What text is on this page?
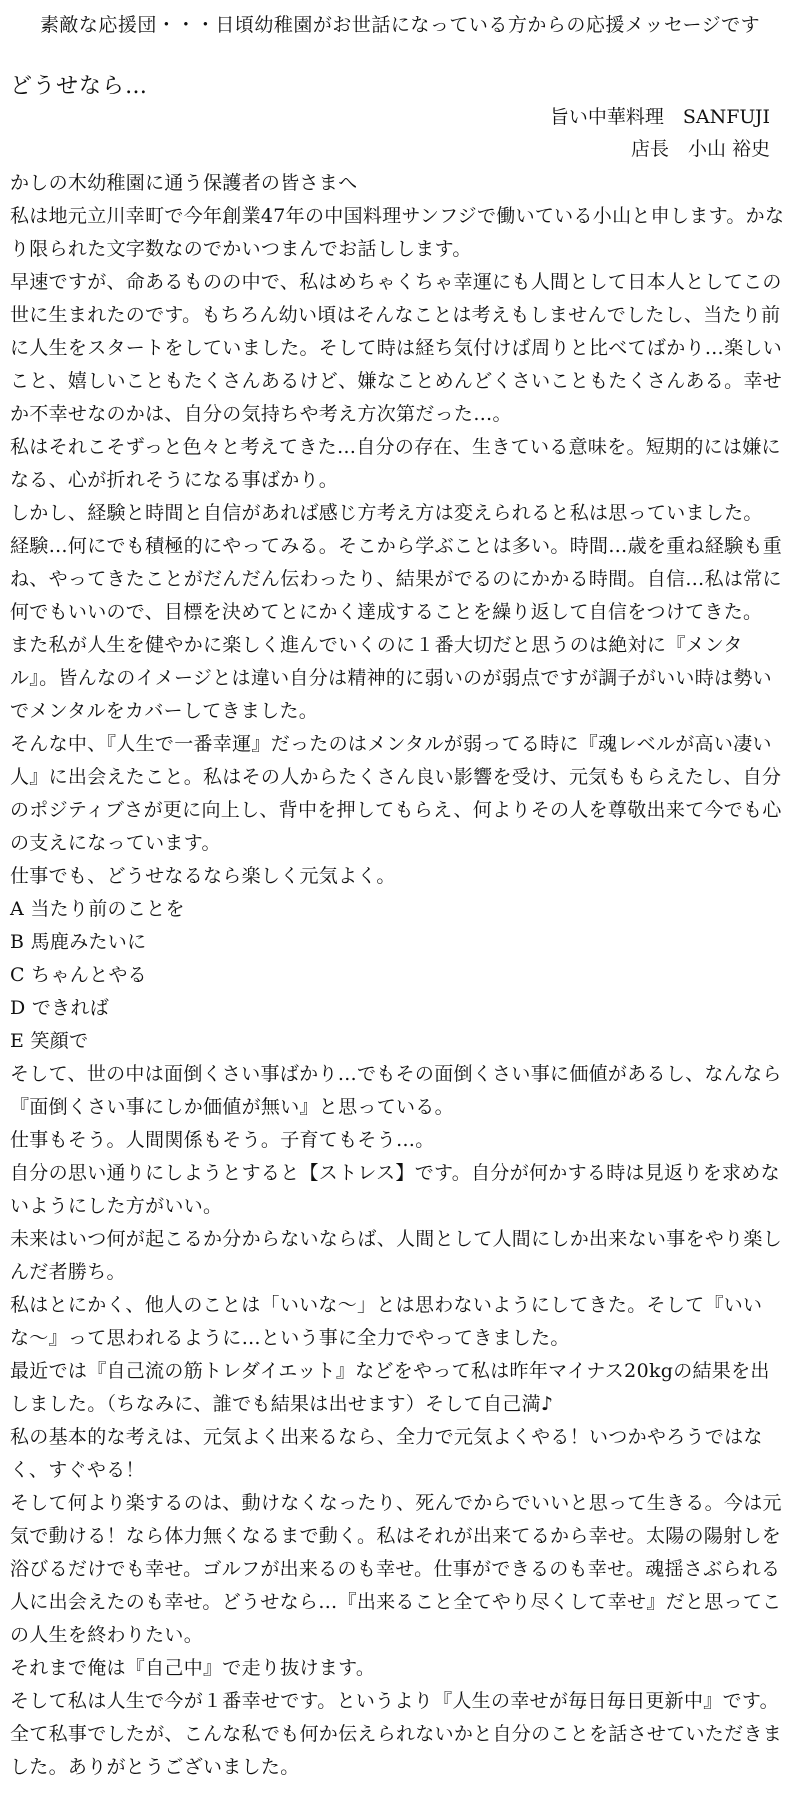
素敵な応援団・・・日頃幼稚園がお世話になっている方からの応援メッセージです
どうせなら…
旨い中華料理　SANFUJI
店長　小山 裕史

かしの木幼稚園に通う保護者の皆さまへ

私は地元立川幸町で今年創業47年の中国料理サンフジで働いている小山と申します。かなり限られた文字数なのでかいつまんでお話しします。

早速ですが、命あるものの中で、私はめちゃくちゃ幸運にも人間として日本人としてこの世に生まれたのです。もちろん幼い頃はそんなことは考えもしませんでしたし、当たり前に人生をスタートをしていました。そして時は経ち気付けば周りと比べてばかり…楽しいこと、嬉しいこともたくさんあるけど、嫌なことめんどくさいこともたくさんある。幸せか不幸せなのかは、自分の気持ちや考え方次第だった…。

私はそれこそずっと色々と考えてきた…自分の存在、生きている意味を。短期的には嫌になる、心が折れそうになる事ばかり。

しかし、経験と時間と自信があれば感じ方考え方は変えられると私は思っていました。

経験…何にでも積極的にやってみる。そこから学ぶことは多い。時間…歳を重ね経験も重ね、やってきたことがだんだん伝わったり、結果がでるのにかかる時間。自信…私は常に何でもいいので、目標を決めてとにかく達成することを繰り返して自信をつけてきた。

また私が人生を健やかに楽しく進んでいくのに１番大切だと思うのは絶対に『メンタル』。皆んなのイメージとは違い自分は精神的に弱いのが弱点ですが調子がいい時は勢いでメンタルをカバーしてきました。

そんな中、『人生で一番幸運』だったのはメンタルが弱ってる時に『魂レベルが高い凄い人』に出会えたこと。私はその人からたくさん良い影響を受け、元気ももらえたし、自分のポジティブさが更に向上し、背中を押してもらえ、何よりその人を尊敬出来て今でも心の支えになっています。

仕事でも、どうせなるなら楽しく元気よく。

A 当たり前のことを

B 馬鹿みたいに

C ちゃんとやる

D できれば

E 笑顔で

そして、世の中は面倒くさい事ばかり…でもその面倒くさい事に価値があるし、なんなら『面倒くさい事にしか価値が無い』と思っている。

仕事もそう。人間関係もそう。子育てもそう…。

自分の思い通りにしようとすると【ストレス】です。自分が何かする時は見返りを求めないようにした方がいい。

未来はいつ何が起こるか分からないならば、人間として人間にしか出来ない事をやり楽しんだ者勝ち。

私はとにかく、他人のことは「いいな〜」とは思わないようにしてきた。そして『いいな〜』って思われるように…という事に全力でやってきました。

最近では『自己流の筋トレダイエット』などをやって私は昨年マイナス20kgの結果を出しました。（ちなみに、誰でも結果は出せます）そして自己満♪

私の基本的な考えは、元気よく出来るなら、全力で元気よくやる！いつかやろうではなく、すぐやる！

そして何より楽するのは、動けなくなったり、死んでからでいいと思って生きる。今は元気で動ける！なら体力無くなるまで動く。私はそれが出来てるから幸せ。太陽の陽射しを浴びるだけでも幸せ。ゴルフが出来るのも幸せ。仕事ができるのも幸せ。魂揺さぶられる人に出会えたのも幸せ。どうせなら…『出来ること全てやり尽くして幸せ』だと思ってこの人生を終わりたい。

それまで俺は『自己中』で走り抜けます。

そして私は人生で今が１番幸せです。というより『人生の幸せが毎日毎日更新中』です。

全て私事でしたが、こんな私でも何か伝えられないかと自分のことを話させていただきました。ありがとうございました。
